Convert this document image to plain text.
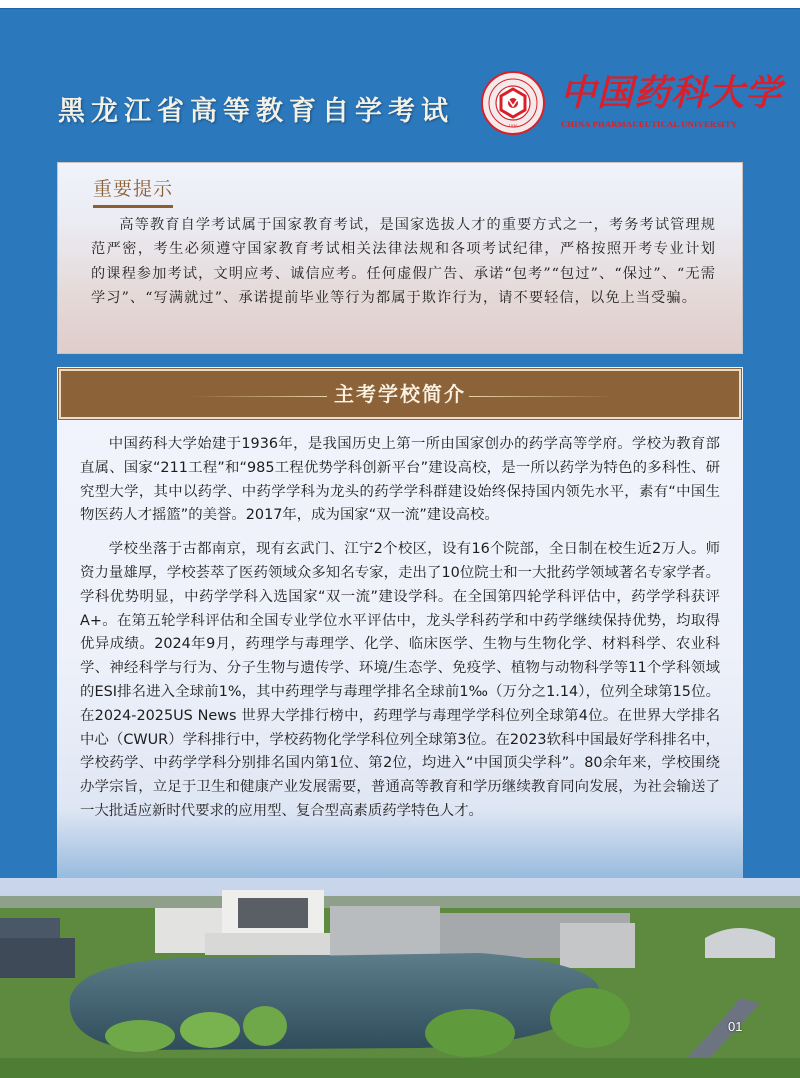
黑龙江省高等教育自学考试	1936
中国药科大学
CHINA PHARMACEUTICAL UNIVERSITY
重要提示
高等教育自学考试属于国家教育考试，是国家选拔人才的重要方式之一，考务考试管理规范严密，考生必须遵守国家教育考试相关法律法规和各项考试纪律，严格按照开考专业计划的课程参加考试，文明应考、诚信应考。任何虚假广告、承诺“包考”“包过”、“保过”、“无需学习”、“写满就过”、承诺提前毕业等行为都属于欺诈行为，请不要轻信，以免上当受骗。
主考学校简介

中国药科大学始建于1936年，是我国历史上第一所由国家创办的药学高等学府。学校为教育部直属、国家“211工程”和“985工程优势学科创新平台”建设高校，是一所以药学为特色的多科性、研究型大学，其中以药学、中药学学科为龙头的药学学科群建设始终保持国内领先水平，素有“中国生物医药人才摇篮”的美誉。2017年，成为国家“双一流”建设高校。

学校坐落于古都南京，现有玄武门、江宁2个校区，设有16个院部，全日制在校生近2万人。师资力量雄厚，学校荟萃了医药领域众多知名专家，走出了10位院士和一大批药学领域著名专家学者。学科优势明显，中药学学科入选国家“双一流”建设学科。在全国第四轮学科评估中，药学学科获评A+。在第五轮学科评估和全国专业学位水平评估中，龙头学科药学和中药学继续保持优势，均取得优异成绩。2024年9月，药理学与毒理学、化学、临床医学、生物与生物化学、材料科学、农业科学、神经科学与行为、分子生物与遗传学、环境/生态学、免疫学、植物与动物科学等11个学科领域的ESI排名进入全球前1%，其中药理学与毒理学排名全球前1‰（万分之1.14），位列全球第15位。在2024-2025US News 世界大学排行榜中，药理学与毒理学学科位列全球第4位。在世界大学排名中心（CWUR）学科排行中，学校药物化学学科位列全球第3位。在2023软科中国最好学科排名中，学校药学、中药学学科分别排名国内第1位、第2位，均进入“中国顶尖学科”。80余年来，学校围绕办学宗旨，立足于卫生和健康产业发展需要，普通高等教育和学历继续教育同向发展，为社会输送了一大批适应新时代要求的应用型、复合型高素质药学特色人才。

01
